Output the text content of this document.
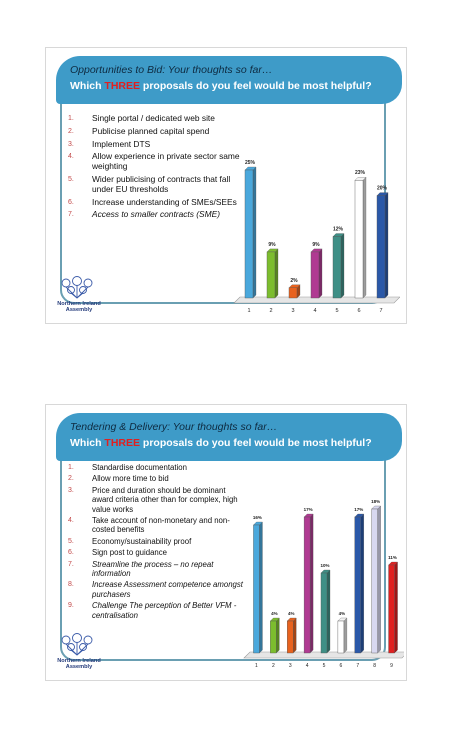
Opportunities to Bid: Your thoughts so far…
Which THREE proposals do you feel would be most helpful?
1. Single portal / dedicated web site
2. Publicise planned capital spend
3. Implement DTS
4. Allow experience in private sector same weighting
5. Wider publicising of contracts that fall under EU thresholds
6. Increase understanding of SMEs/SEEs
7. Access to smaller contracts (SME)
25%
1
9%
2
2%
3
9%
4
12%
5
23%
6
20%
7
Northern Ireland
Assembly
Tendering & Delivery: Your thoughts so far…
Which THREE proposals do you feel would be most helpful?
1. Standardise documentation
2. Allow more time to bid
3. Price and duration should be dominant award criteria other than for complex, high value works
4. Take account of non-monetary and non-costed benefits
5. Economy/sustainability proof
6. Sign post to guidance
7. Streamline the process – no repeat information
8. Increase Assessment competence amongst purchasers
9. Challenge The perception of Better VFM - centralisation
16%
1
4%
2
4%
3
17%
4
10%
5
4%
6
17%
7
18%
8
11%
9
Northern Ireland
Assembly
